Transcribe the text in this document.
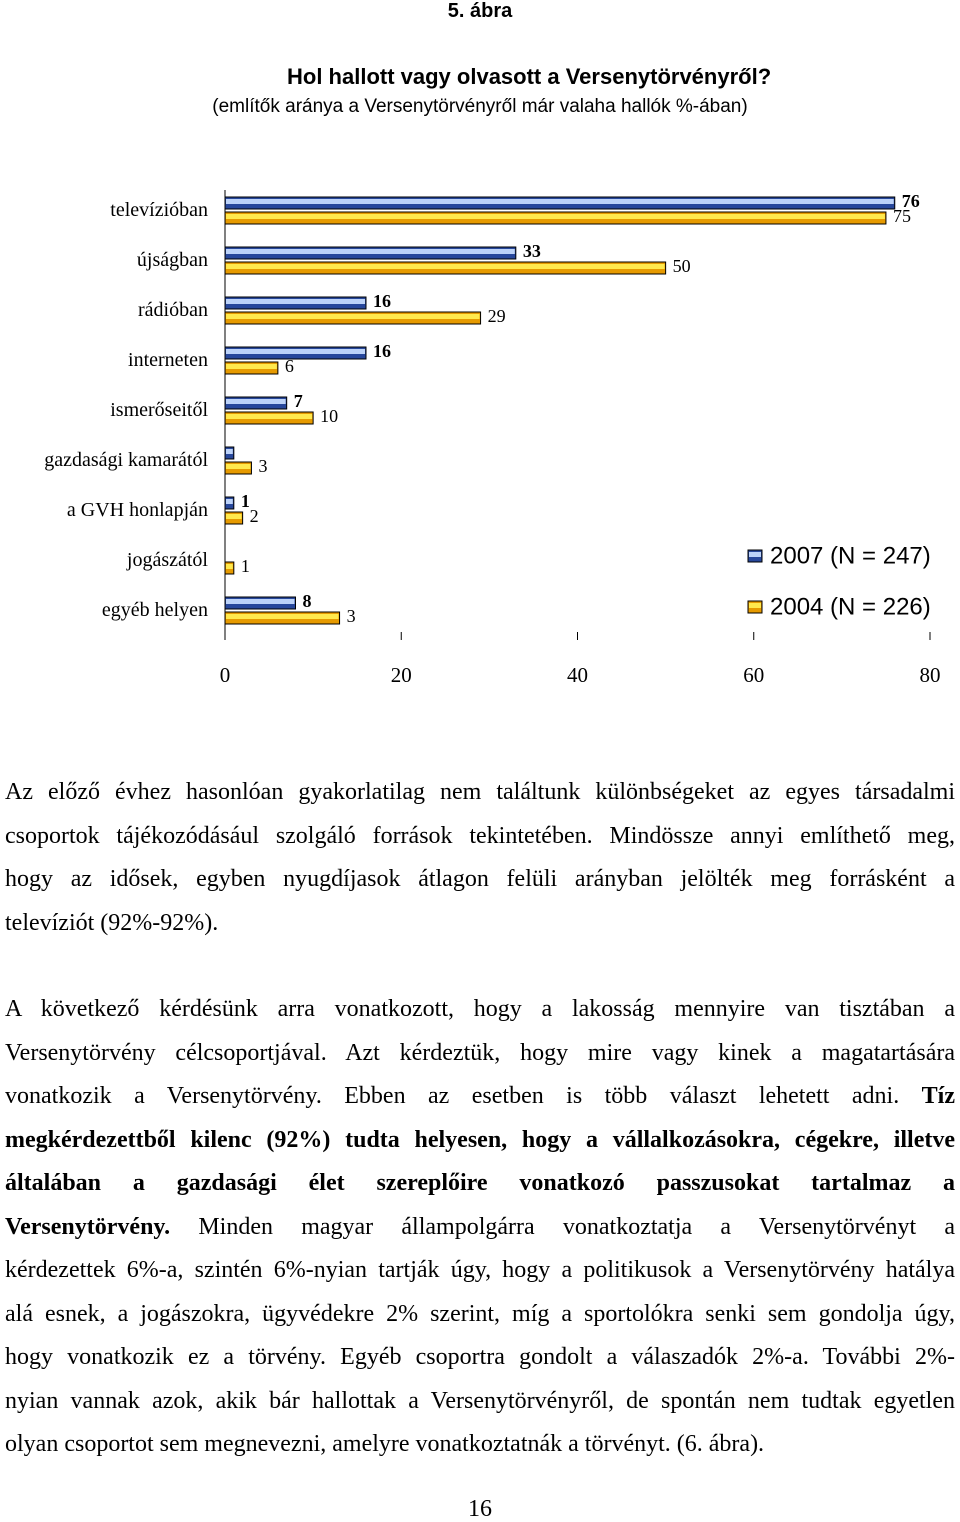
5. ábra
Hol hallott vagy olvasott a Versenytörvényről?
(említők aránya a Versenytörvényről már valaha hallók %-ában)
2007 (N = 247)
2004 (N = 226)
televízióban
újságban
rádióban
interneten
ismerőseitől
gazdasági kamarától
a GVH honlapján
jogászától
egyéb helyen
76
33
16
16
7
1
8
75
50
29
6
10
3
2
1
3
0	20	40	60	80
Az előző évhez hasonlóan gyakorlatilag nem találtunk különbségeket az egyes társadalmi
csoportok tájékozódásául szolgáló források tekintetében. Mindössze annyi említhető meg,
hogy az idősek, egyben nyugdíjasok átlagon felüli arányban jelölték meg forrásként a
televíziót (92%-92%).
A következő kérdésünk arra vonatkozott, hogy a lakosság mennyire van tisztában a
Versenytörvény célcsoportjával. Azt kérdeztük, hogy mire vagy kinek a magatartására
vonatkozik a Versenytörvény. Ebben az esetben is több választ lehetett adni. Tíz
megkérdezettből kilenc (92%) tudta helyesen, hogy a vállalkozásokra, cégekre, illetve
általában a gazdasági élet szereplőire vonatkozó passzusokat tartalmaz a
Versenytörvény. Minden magyar állampolgárra vonatkoztatja a Versenytörvényt a
kérdezettek 6%-a, szintén 6%-nyian tartják úgy, hogy a politikusok a Versenytörvény hatálya
alá esnek, a jogászokra, ügyvédekre 2% szerint, míg a sportolókra senki sem gondolja úgy,
hogy vonatkozik ez a törvény. Egyéb csoportra gondolt a válaszadók 2%-a. További 2%-
nyian vannak azok, akik bár hallottak a Versenytörvényről, de spontán nem tudtak egyetlen
olyan csoportot sem megnevezni, amelyre vonatkoztatnák a törvényt. (6. ábra).
16
